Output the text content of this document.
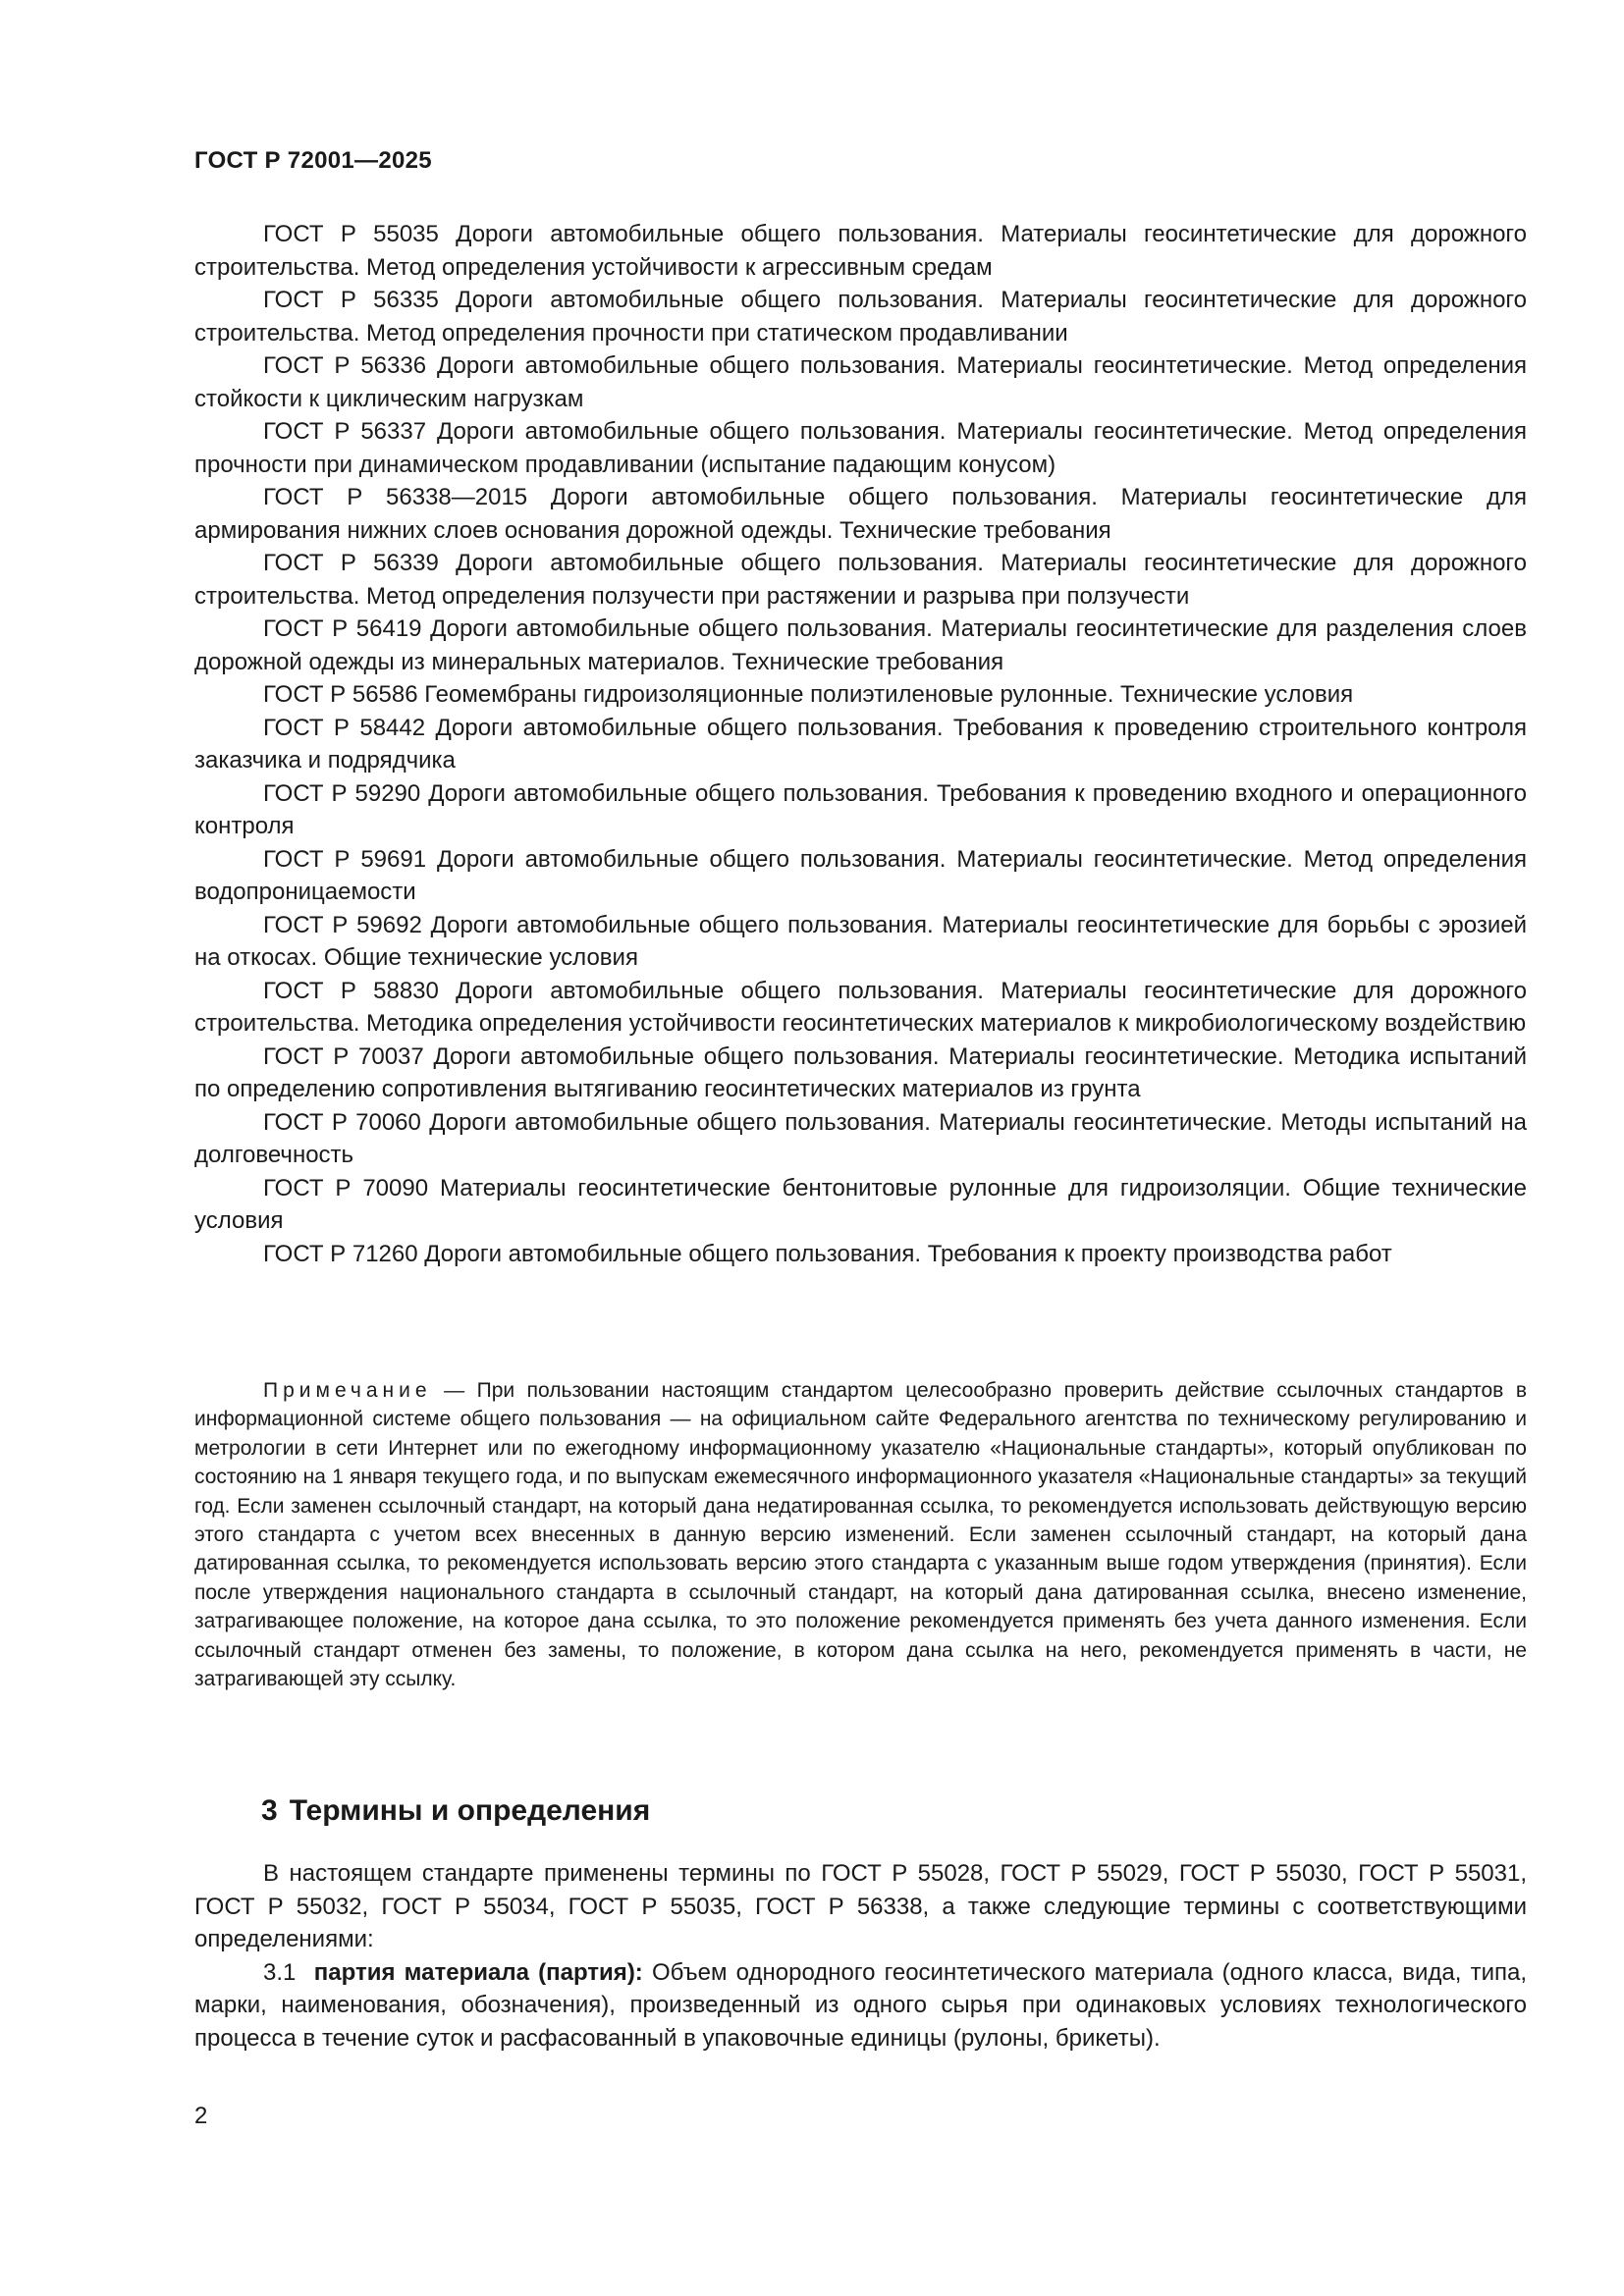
ГОСТ Р 72001—2025

ГОСТ Р 55035 Дороги автомобильные общего пользования. Материалы геосинтетические для дорожного строительства. Метод определения устойчивости к агрессивным средам

ГОСТ Р 56335 Дороги автомобильные общего пользования. Материалы геосинтетические для дорожного строительства. Метод определения прочности при статическом продавливании

ГОСТ Р 56336 Дороги автомобильные общего пользования. Материалы геосинтетические. Метод определения стойкости к циклическим нагрузкам

ГОСТ Р 56337 Дороги автомобильные общего пользования. Материалы геосинтетические. Метод определения прочности при динамическом продавливании (испытание падающим конусом)

ГОСТ Р 56338—2015 Дороги автомобильные общего пользования. Материалы геосинтетические для армирования нижних слоев основания дорожной одежды. Технические требования

ГОСТ Р 56339 Дороги автомобильные общего пользования. Материалы геосинтетические для дорожного строительства. Метод определения ползучести при растяжении и разрыва при ползучести

ГОСТ Р 56419 Дороги автомобильные общего пользования. Материалы геосинтетические для разделения слоев дорожной одежды из минеральных материалов. Технические требования

ГОСТ Р 56586 Геомембраны гидроизоляционные полиэтиленовые рулонные. Технические условия

ГОСТ Р 58442 Дороги автомобильные общего пользования. Требования к проведению строительного контроля заказчика и подрядчика

ГОСТ Р 59290 Дороги автомобильные общего пользования. Требования к проведению входного и операционного контроля

ГОСТ Р 59691 Дороги автомобильные общего пользования. Материалы геосинтетические. Метод определения водопроницаемости

ГОСТ Р 59692 Дороги автомобильные общего пользования. Материалы геосинтетические для борьбы с эрозией на откосах. Общие технические условия

ГОСТ Р 58830 Дороги автомобильные общего пользования. Материалы геосинтетические для дорожного строительства. Методика определения устойчивости геосинтетических материалов к микробиологическому воздействию

ГОСТ Р 70037 Дороги автомобильные общего пользования. Материалы геосинтетические. Методика испытаний по определению сопротивления вытягиванию геосинтетических материалов из грунта

ГОСТ Р 70060 Дороги автомобильные общего пользования. Материалы геосинтетические. Методы испытаний на долговечность

ГОСТ Р 70090 Материалы геосинтетические бентонитовые рулонные для гидроизоляции. Общие технические условия

ГОСТ Р 71260 Дороги автомобильные общего пользования. Требования к проекту производства работ

Примечание — При пользовании настоящим стандартом целесообразно проверить действие ссылочных стандартов в информационной системе общего пользования — на официальном сайте Федерального агентства по техническому регулированию и метрологии в сети Интернет или по ежегодному информационному указателю «Национальные стандарты», который опубликован по состоянию на 1 января текущего года, и по выпускам ежемесячного информационного указателя «Национальные стандарты» за текущий год. Если заменен ссылочный стандарт, на который дана недатированная ссылка, то рекомендуется использовать действующую версию этого стандарта с учетом всех внесенных в данную версию изменений. Если заменен ссылочный стандарт, на который дана датированная ссылка, то рекомендуется использовать версию этого стандарта с указанным выше годом утверждения (принятия). Если после утверждения национального стандарта в ссылочный стандарт, на который дана датированная ссылка, внесено изменение, затрагивающее положение, на которое дана ссылка, то это положение рекомендуется применять без учета данного изменения. Если ссылочный стандарт отменен без замены, то положение, в котором дана ссылка на него, рекомендуется применять в части, не затрагивающей эту ссылку.

3 Термины и определения

В настоящем стандарте применены термины по ГОСТ Р 55028, ГОСТ Р 55029, ГОСТ Р 55030, ГОСТ Р 55031, ГОСТ Р 55032, ГОСТ Р 55034, ГОСТ Р 55035, ГОСТ Р 56338, а также следующие термины с соответствующими определениями:

3.1 партия материала (партия): Объем однородного геосинтетического материала (одного класса, вида, типа, марки, наименования, обозначения), произведенный из одного сырья при одинаковых условиях технологического процесса в течение суток и расфасованный в упаковочные единицы (рулоны, брикеты).

2
